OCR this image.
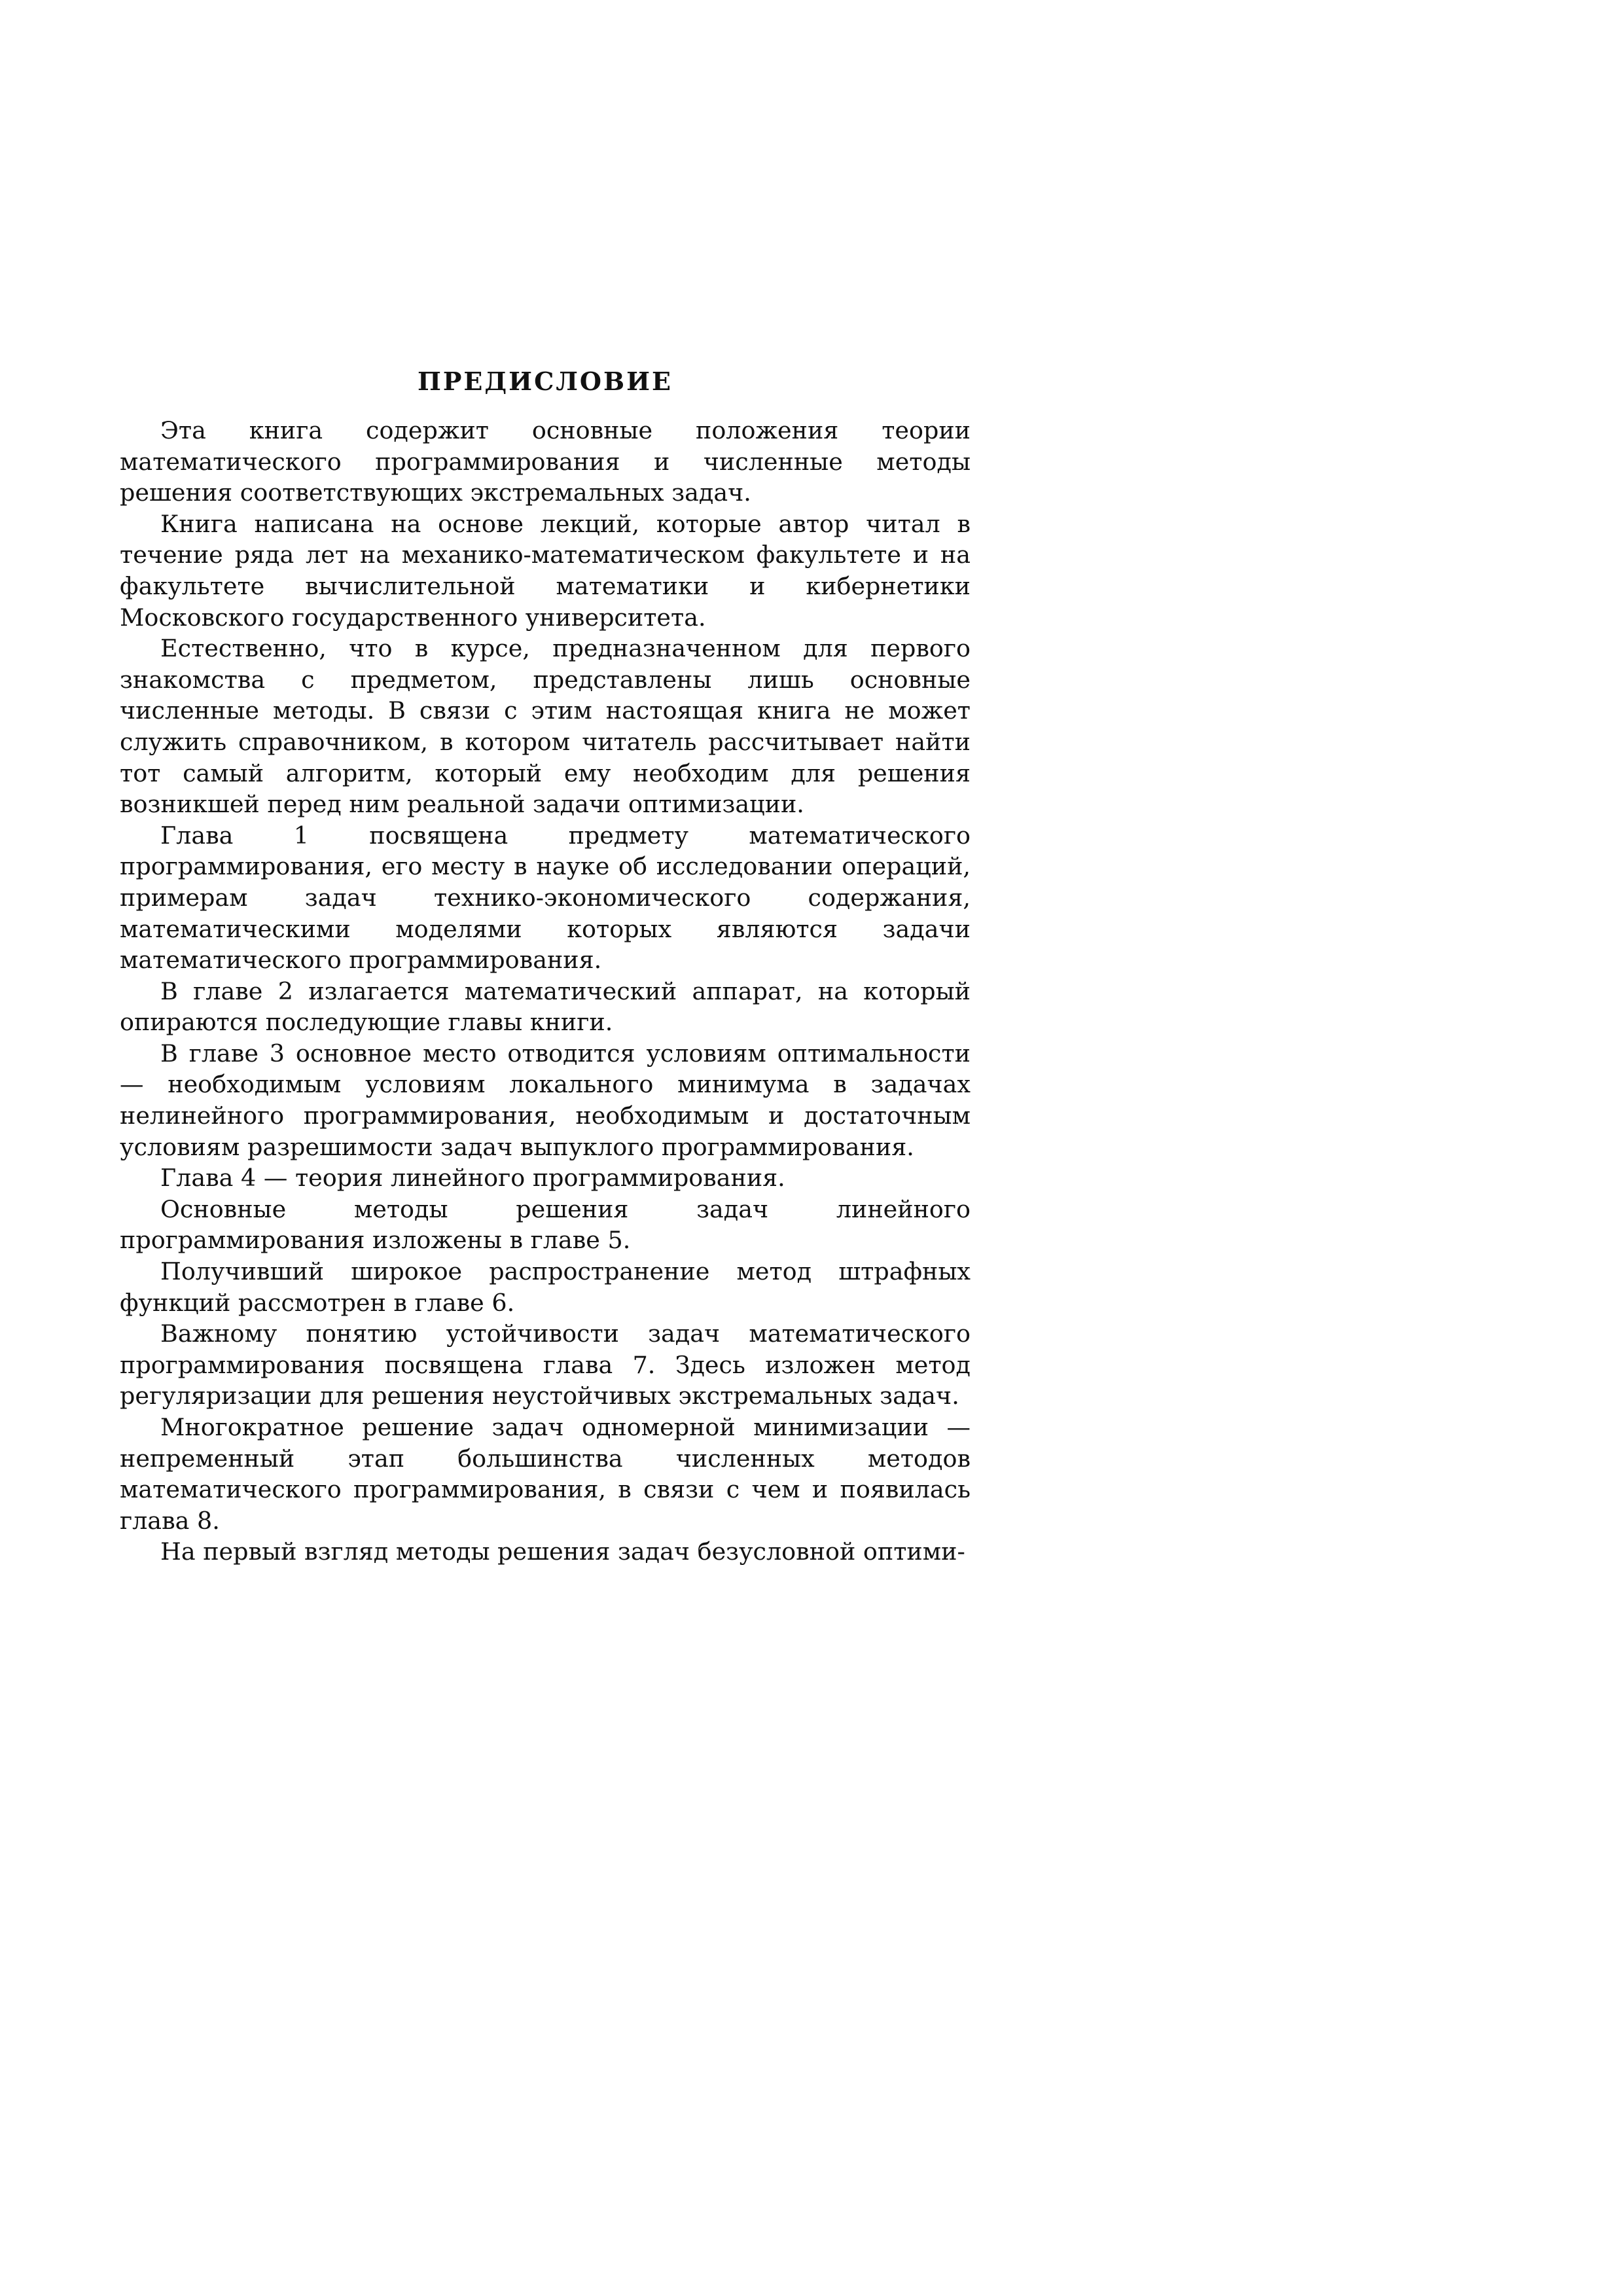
ПРЕДИСЛОВИЕ

Эта книга содержит основные положения теории математического программирования и численные методы решения соответствующих экстремальных задач.

Книга написана на основе лекций, которые автор читал в течение ряда лет на механико-математическом факультете и на факультете вычислительной математики и кибернетики Московского государственного университета.

Естественно, что в курсе, предназначенном для первого знакомства с предметом, представлены лишь основные численные методы. В связи с этим настоящая книга не может служить справочником, в котором читатель рассчитывает найти тот самый алгоритм, который ему необходим для решения возникшей перед ним реальной задачи оптимизации.

Глава 1 посвящена предмету математического программирования, его месту в науке об исследовании операций, примерам задач технико-экономического содержания, математическими моделями которых являются задачи математического программирования.

В главе 2 излагается математический аппарат, на который опираются последующие главы книги.

В главе 3 основное место отводится условиям оптимальности — необходимым условиям локального минимума в задачах нелинейного программирования, необходимым и достаточным условиям разрешимости задач выпуклого программирования.

Глава 4 — теория линейного программирования.

Основные методы решения задач линейного программирования изложены в главе 5.

Получивший широкое распространение метод штрафных функций рассмотрен в главе 6.

Важному понятию устойчивости задач математического программирования посвящена глава 7. Здесь изложен метод регуляризации для решения неустойчивых экстремальных задач.

Многократное решение задач одномерной минимизации — непременный этап большинства численных методов математического программирования, в связи с чем и появилась глава 8.

На первый взгляд методы решения задач безусловной оптими-
